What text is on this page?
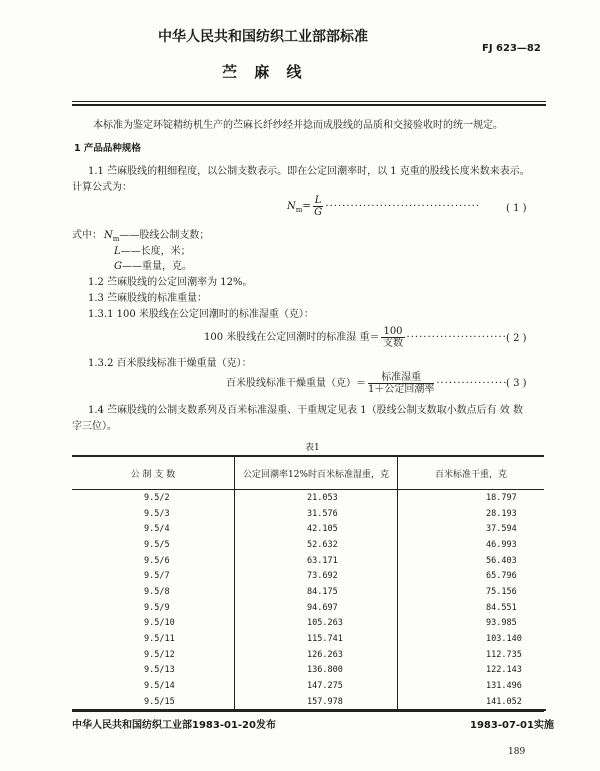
中华人民共和国纺织工业部部标准
FJ 623—82
苎 麻 线
本标准为鉴定环锭精纺机生产的苎麻长纤纱经并捻而成股线的品质和交接验收时的统一规定。
1 产品品种规格
1.1 苎麻股线的粗细程度，以公制支数表示。即在公定回潮率时，以 1 克重的股线长度米数来表示。
计算公式为：
$N_m= \frac{L}{G}$ ·····································	( 1 )
式中： $N_m——$股线公制支数；
L——长度，米；
G——重量，克。
1.2 苎麻股线的公定回潮率为 12%。
1.3 苎麻股线的标准重量：
1.3.1 100 米股线在公定回潮时的标准湿重（克）：
100 米股线在公定回潮时的标准湿 重＝ $\frac{100}{\text{支数}}$ ························ ( 2 )
1.3.2 百米股线标准干燥重量（克）：
百米股线标准干燥重量（克）＝ $\frac{\text{标准湿重}}{\text{1＋公定回潮率}}$ ·················
( 3 )
1.4 苎麻股线的公制支数系列及百米标准湿重、干重规定见表 1（股线公制支数取小数点后有 效 数
字三位）。
表1
公 制 支 数	公定回潮率12%时百米标准湿重，克	百米标准干重，克
9.5/2	21.053	18.797
9.5/3	31.576	28.193
9.5/4	42.105	37.594
9.5/5	52.632	46.993
9.5/6	63.171	56.403
9.5/7	73.692	65.796
9.5/8	84.175	75.156
9.5/9	94.697	84.551
9.5/10	105.263	93.985
9.5/11	115.741	103.140
9.5/12	126.263	112.735
9.5/13	136.800	122.143
9.5/14	147.275	131.496
9.5/15	157.978	141.052
中华人民共和国纺织工业部1983-01-20发布	1983-07-01实施
189
